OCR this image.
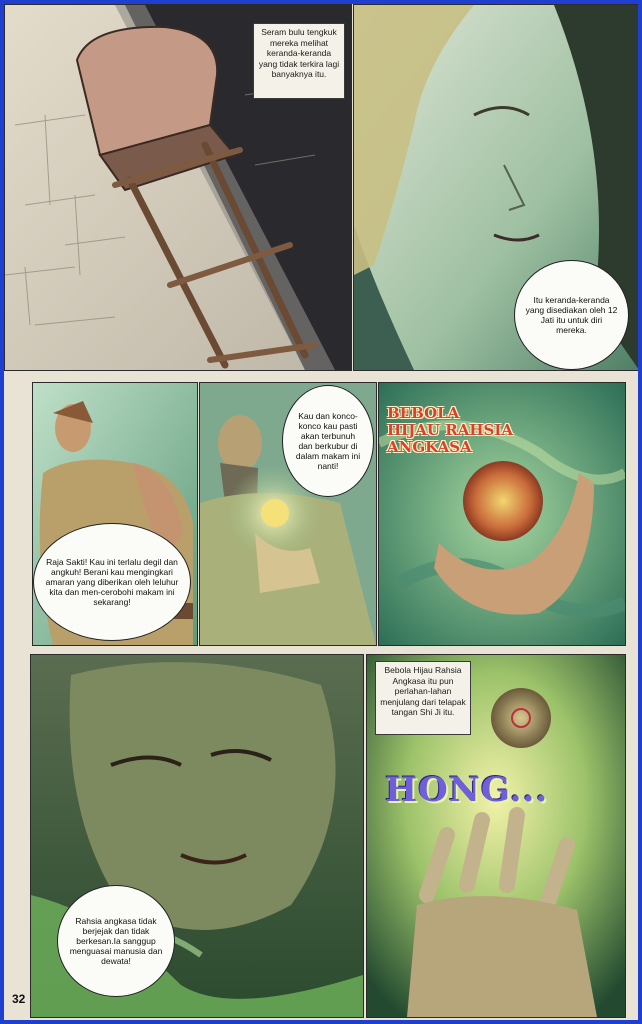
Seram bulu tengkuk mereka melihat keranda-keranda yang tidak terkira lagi banyaknya itu.
Itu keranda-keranda yang disediakan oleh 12 Jati itu untuk diri mereka.
Raja Sakti! Kau ini terlalu degil dan angkuh! Berani kau mengingkari amaran yang diberikan oleh leluhur kita dan men-cerobohi makam ini sekarang!
Kau dan konco-konco kau pasti akan terbunuh dan berkubur di dalam makam ini nanti!
BEBOLA HIJAU RAHSIA ANGKASA
Rahsia angkasa tidak berjejak dan tidak berkesan.Ia sanggup menguasai manusia dan dewata!
Bebola Hijau Rahsia Angkasa itu pun perlahan-lahan menjulang dari telapak tangan Shi Ji itu.
HONG...
32
